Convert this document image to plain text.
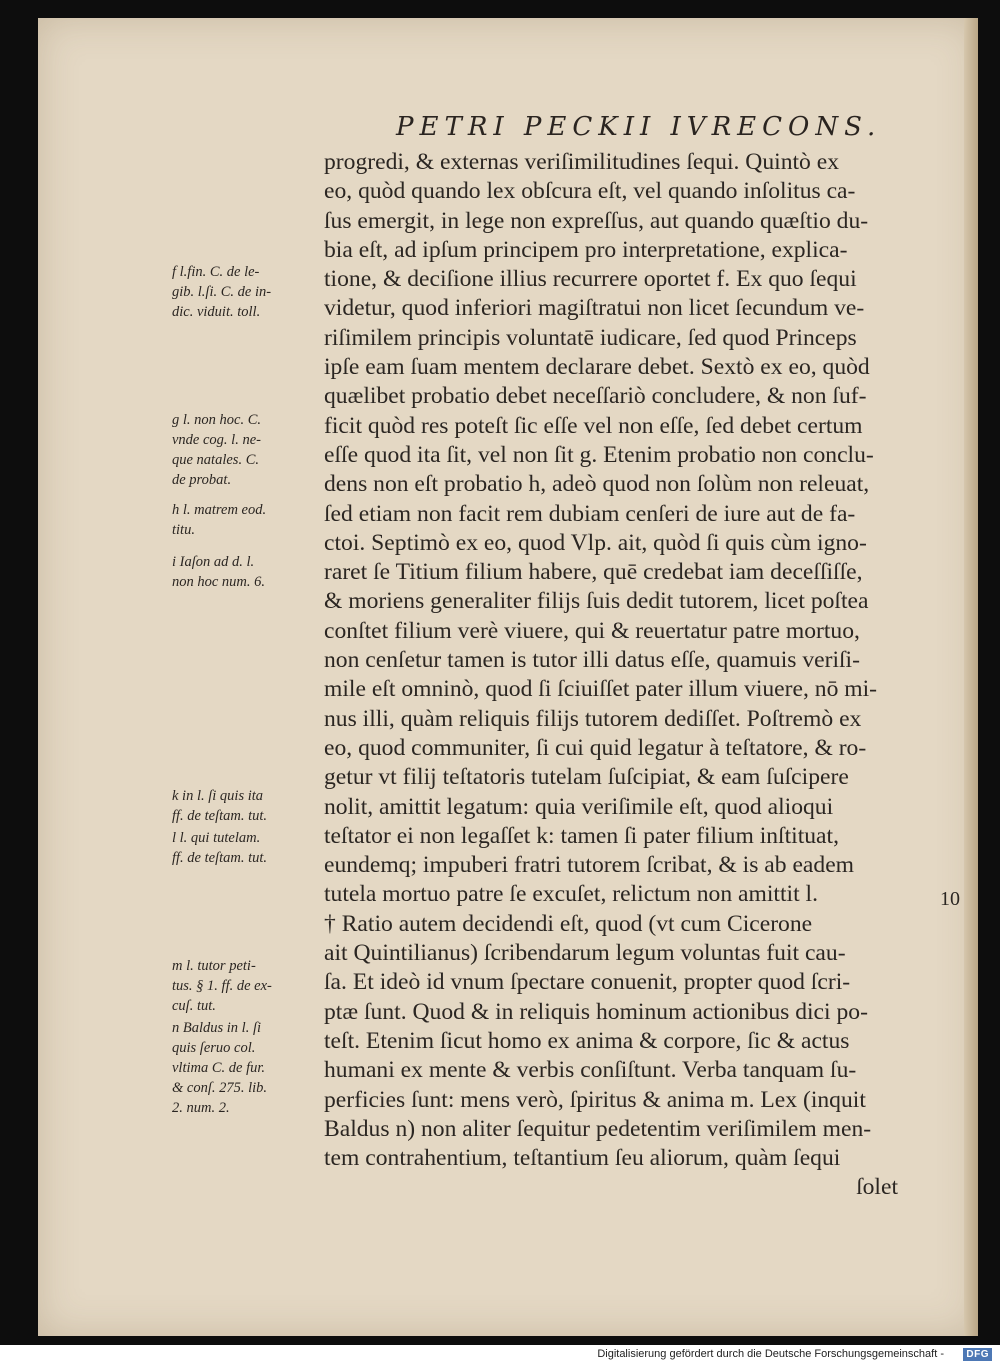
PETRI PECKII IVRECONS.
progredi, & externas veriſimilitudines ſequi. Quintò ex
eo, quòd quando lex obſcura eſt, vel quando inſolitus ca-
ſus emergit, in lege non expreſſus, aut quando quæſtio du-
bia eſt, ad ipſum principem pro interpretatione, explica-
tione, & deciſione illius recurrere oportet f. Ex quo ſequi
videtur, quod inferiori magiſtratui non licet ſecundum ve-
riſimilem principis voluntatē iudicare, ſed quod Princeps
ipſe eam ſuam mentem declarare debet. Sextò ex eo, quòd
quælibet probatio debet neceſſariò concludere, & non ſuf-
ficit quòd res poteſt ſic eſſe vel non eſſe, ſed debet certum
eſſe quod ita ſit, vel non ſit g. Etenim probatio non conclu-
dens non eſt probatio h, adeò quod non ſolùm non releuat,
ſed etiam non facit rem dubiam cenſeri de iure aut de fa-
ctoi. Septimò ex eo, quod Vlp. ait, quòd ſi quis cùm igno-
raret ſe Titium filium habere, quē credebat iam deceſſiſſe,
& moriens generaliter filijs ſuis dedit tutorem, licet poſtea
conſtet filium verè viuere, qui & reuertatur patre mortuo,
non cenſetur tamen is tutor illi datus eſſe, quamuis veriſi-
mile eſt omninò, quod ſi ſciuiſſet pater illum viuere, nō mi-
nus illi, quàm reliquis filijs tutorem dediſſet. Poſtremò ex
eo, quod communiter, ſi cui quid legatur à teſtatore, & ro-
getur vt filij teſtatoris tutelam ſuſcipiat, & eam ſuſcipere
nolit, amittit legatum: quia veriſimile eſt, quod alioqui
teſtator ei non legaſſet k: tamen ſi pater filium inſtituat,
eundemq; impuberi fratri tutorem ſcribat, & is ab eadem
tutela mortuo patre ſe excuſet, relictum non amittit l.
† Ratio autem decidendi eſt, quod (vt cum Cicerone
ait Quintilianus) ſcribendarum legum voluntas fuit cau-
ſa. Et ideò id vnum ſpectare conuenit, propter quod ſcri-
ptæ ſunt. Quod & in reliquis hominum actionibus dici po-
teſt. Etenim ſicut homo ex anima & corpore, ſic & actus
humani ex mente & verbis conſiſtunt. Verba tanquam ſu-
perficies ſunt: mens verò, ſpiritus & anima m. Lex (inquit
Baldus n) non aliter ſequitur pedetentim veriſimilem men-
tem contrahentium, teſtantium ſeu aliorum, quàm ſequi
ſolet
10
f l.fin. C. de le-
gib. l.ſi. C. de in-
dic. viduit. toll.
g l. non hoc. C.
vnde cog. l. ne-
que natales. C.
de probat.
h l. matrem eod.
titu.
i Iaſon ad d. l.
non hoc num. 6.
k in l. ſi quis ita
ff. de teſtam. tut.
l l. qui tutelam.
ff. de teſtam. tut.
m l. tutor peti-
tus. § 1. ff. de ex-
cuſ. tut.
n Baldus in l. ſi
quis ſeruo col.
vltima C. de fur.
& conſ. 275. lib.
2. num. 2.
Digitalisierung gefördert durch die Deutsche Forschungsgemeinschaft -	DFG
